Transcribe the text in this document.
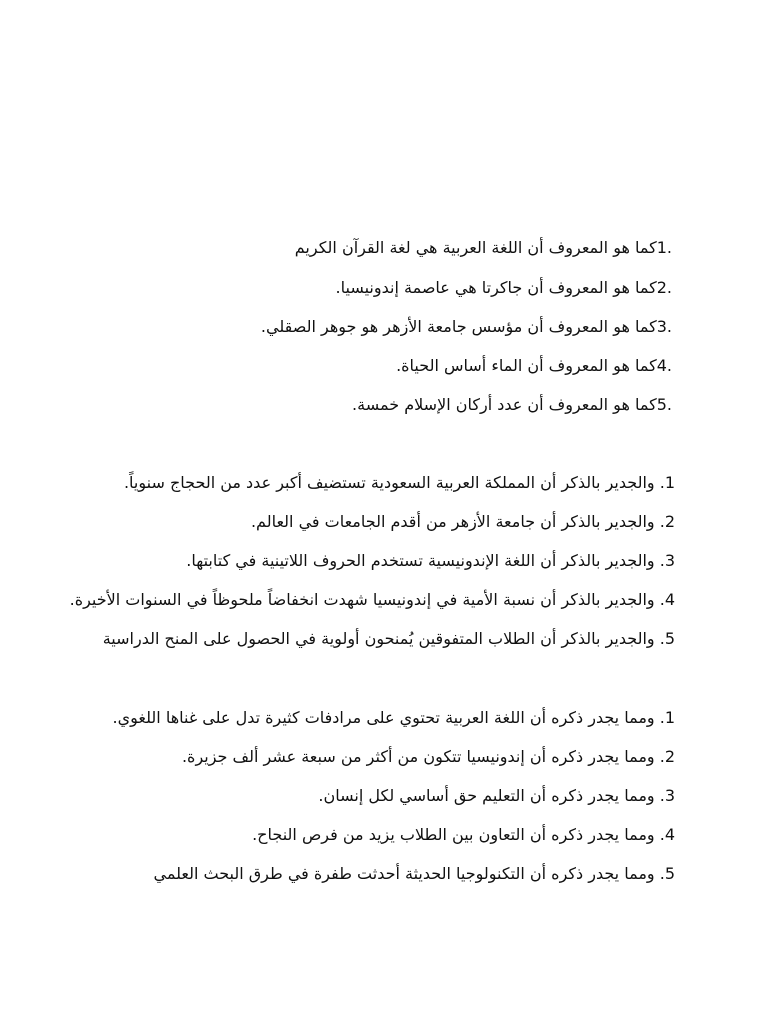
.1كما هو المعروف أن اللغة العربية هي لغة القرآن الكريم
.2كما هو المعروف أن جاكرتا هي عاصمة إندونيسيا.
.3كما هو المعروف أن مؤسس جامعة الأزهر هو جوهر الصقلي.
.4كما هو المعروف أن الماء أساس الحياة.
.5كما هو المعروف أن عدد أركان الإسلام خمسة.
1. والجدير بالذكر أن المملكة العربية السعودية تستضيف أكبر عدد من الحجاج سنوياً.
2. والجدير بالذكر أن جامعة الأزهر من أقدم الجامعات في العالم.
3. والجدير بالذكر أن اللغة الإندونيسية تستخدم الحروف اللاتينية في كتابتها.
4. والجدير بالذكر أن نسبة الأمية في إندونيسيا شهدت انخفاضاً ملحوظاً في السنوات الأخيرة.
5. والجدير بالذكر أن الطلاب المتفوقين يُمنحون أولوية في الحصول على المنح الدراسية
1. ومما يجدر ذكره أن اللغة العربية تحتوي على مرادفات كثيرة تدل على غناها اللغوي.
2. ومما يجدر ذكره أن إندونيسيا تتكون من أكثر من سبعة عشر ألف جزيرة.
3. ومما يجدر ذكره أن التعليم حق أساسي لكل إنسان.
4. ومما يجدر ذكره أن التعاون بين الطلاب يزيد من فرص النجاح.
5. ومما يجدر ذكره أن التكنولوجيا الحديثة أحدثت طفرة في طرق البحث العلمي
